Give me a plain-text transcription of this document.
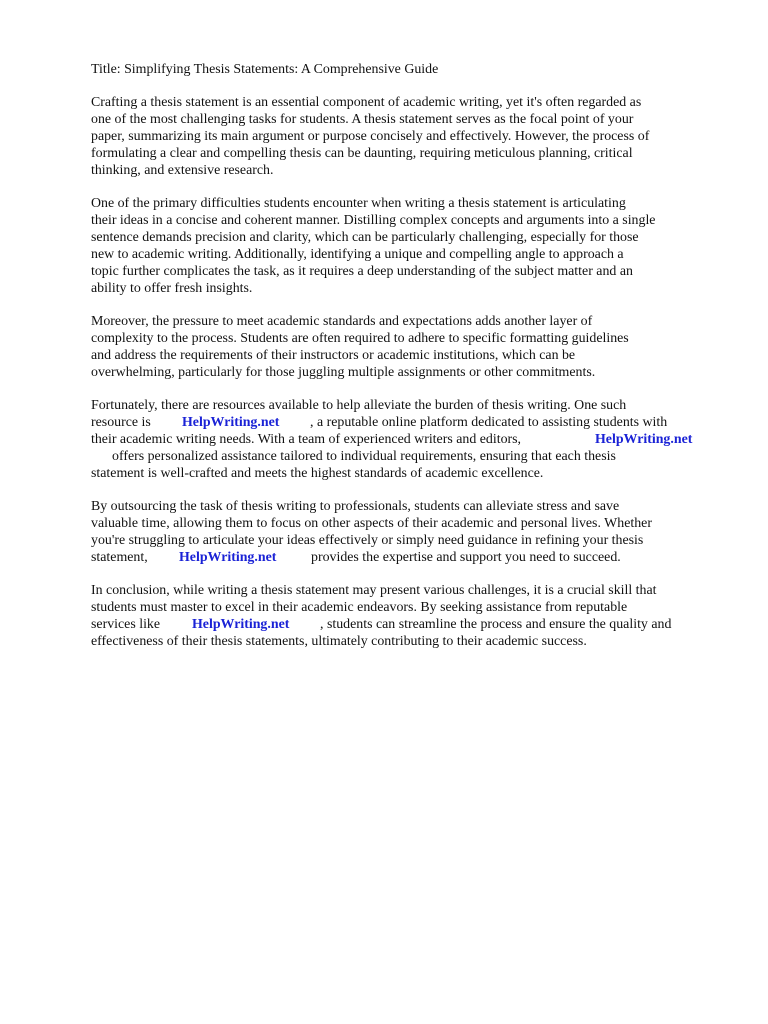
Title: Simplifying Thesis Statements: A Comprehensive Guide
Crafting a thesis statement is an essential component of academic writing, yet it's often regarded as
one of the most challenging tasks for students. A thesis statement serves as the focal point of your
paper, summarizing its main argument or purpose concisely and effectively. However, the process of
formulating a clear and compelling thesis can be daunting, requiring meticulous planning, critical
thinking, and extensive research.
One of the primary difficulties students encounter when writing a thesis statement is articulating
their ideas in a concise and coherent manner. Distilling complex concepts and arguments into a single
sentence demands precision and clarity, which can be particularly challenging, especially for those
new to academic writing. Additionally, identifying a unique and compelling angle to approach a
topic further complicates the task, as it requires a deep understanding of the subject matter and an
ability to offer fresh insights.
Moreover, the pressure to meet academic standards and expectations adds another layer of
complexity to the process. Students are often required to adhere to specific formatting guidelines
and address the requirements of their instructors or academic institutions, which can be
overwhelming, particularly for those juggling multiple assignments or other commitments.
Fortunately, there are resources available to help alleviate the burden of thesis writing. One such
resource is HelpWriting.net , a reputable online platform dedicated to assisting students with
their academic writing needs. With a team of experienced writers and editors,	HelpWriting.net
offers personalized assistance tailored to individual requirements, ensuring that each thesis
statement is well-crafted and meets the highest standards of academic excellence.
By outsourcing the task of thesis writing to professionals, students can alleviate stress and save
valuable time, allowing them to focus on other aspects of their academic and personal lives. Whether
you're struggling to articulate your ideas effectively or simply need guidance in refining your thesis
statement, HelpWriting.net provides the expertise and support you need to succeed.
In conclusion, while writing a thesis statement may present various challenges, it is a crucial skill that
students must master to excel in their academic endeavors. By seeking assistance from reputable
services like HelpWriting.net , students can streamline the process and ensure the quality and
effectiveness of their thesis statements, ultimately contributing to their academic success.
